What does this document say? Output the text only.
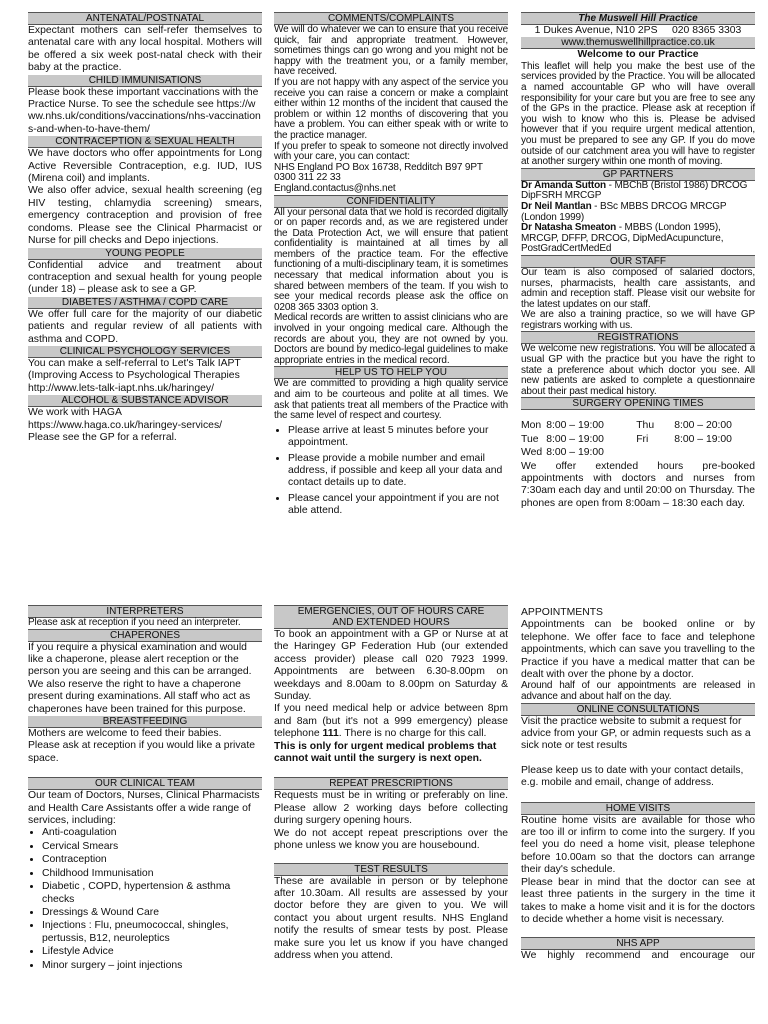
ANTENATAL/POSTNATAL

Expectant mothers can self-refer themselves to antenatal care with any local hospital. Mothers will be offered a six week post-natal check with their baby at the practice.

CHILD IMMUNISATIONS

Please book these important vaccinations with the Practice Nurse. To see the schedule see https://www.nhs.uk/conditions/vaccinations/nhs-vaccinations-and-when-to-have-them/

CONTRACEPTION & SEXUAL HEALTH

We have doctors who offer appointments for Long Active Reversible Contraception, e.g. IUD, IUS (Mirena coil) and implants.

We also offer advice, sexual health screening (eg HIV testing, chlamydia screening) smears, emergency contraception and provision of free condoms. Please see the Clinical Pharmacist or Nurse for pill checks and Depo injections.

YOUNG PEOPLE

Confidential advice and treatment about contraception and sexual health for young people (under 18) – please ask to see a GP.

DIABETES / ASTHMA / COPD CARE

We offer full care for the majority of our diabetic patients and regular review of all patients with asthma and COPD.

CLINICAL PSYCHOLOGY SERVICES

You can make a self-referral to Let's Talk IAPT (Improving Access to Psychological Therapies http://www.lets-talk-iapt.nhs.uk/haringey/

ALCOHOL & SUBSTANCE ADVISOR

We work with HAGA https://www.haga.co.uk/haringey-services/

Please see the GP for a referral.

COMMENTS/COMPLAINTS

We will do whatever we can to ensure that you receive quick, fair and appropriate treatment. However, sometimes things can go wrong and you might not be happy with the treatment you, or a family member, have received.

If you are not happy with any aspect of the service you receive you can raise a concern or make a complaint either within 12 months of the incident that caused the problem or within 12 months of discovering that you have a problem. You can either speak with or write to the practice manager.

If you prefer to speak to someone not directly involved with your care, you can contact:

NHS England PO Box 16738, Redditch B97 9PT

0300 311 22 33

England.contactus@nhs.net

CONFIDENTIALITY

All your personal data that we hold is recorded digitally or on paper records and, as we are registered under the Data Protection Act, we will ensure that patient confidentiality is maintained at all times by all members of the practice team. For the effective functioning of a multi-disciplinary team, it is sometimes necessary that medical information about you is shared between members of the team. If you wish to see your medical records please ask the office on 0208 365 3303 option 3.

Medical records are written to assist clinicians who are involved in your ongoing medical care. Although the records are about you, they are not owned by you. Doctors are bound by medico-legal guidelines to make appropriate entries in the medical record.

HELP US TO HELP YOU

We are committed to providing a high quality service and aim to be courteous and polite at all times. We ask that patients treat all members of the Practice with the same level of respect and courtesy.

• Please arrive at least 5 minutes before your appointment.
• Please provide a mobile number and email address, if possible and keep all your data and contact details up to date.
• Please cancel your appointment if you are not able attend.
The Muswell Hill Practice
1 Dukes Avenue, N10 2PS 020 8365 3303
www.themuswellhillpractice.co.uk
Welcome to our Practice

This leaflet will help you make the best use of the services provided by the Practice. You will be allocated a named accountable GP who will have overall responsibility for your care but you are free to see any of the GPs in the practice. Please ask at reception if you wish to know who this is. Please be advised however that if you require urgent medical attention, you must be prepared to see any GP. If you do move outside of our catchment area you will have to register at another surgery within one month of moving.

GP PARTNERS

Dr Amanda Sutton - MBChB (Bristol 1986) DRCOG DipFSRH MRCGP

Dr Neil Mantlan - BSc MBBS DRCOG MRCGP (London 1999)

Dr Natasha Smeaton - MBBS (London 1995), MRCGP, DFFP, DRCOG, DipMedAcupuncture, PostGradCertMedEd

OUR STAFF

Our team is also composed of salaried doctors, nurses, pharmacists, health care assistants, and admin and reception staff. Please visit our website for the latest updates on our staff.

We are also a training practice, so we will have GP registrars working with us.

REGISTRATIONS

We welcome new registrations. You will be allocated a usual GP with the practice but you have the right to state a preference about which doctor you see. All new patients are asked to complete a questionnaire about their past medical history.

SURGERY OPENING TIMES
Mon	8:00 – 19:00	Thu	8:00 – 20:00
Tue	8:00 – 19:00	Fri	8:00 – 19:00
Wed	8:00 – 19:00		

We offer extended hours pre-booked appointments with doctors and nurses from 7:30am each day and until 20:00 on Thursday. The phones are open from 8:00am – 18:30 each day.

INTERPRETERS

Please ask at reception if you need an interpreter.

CHAPERONES

If you require a physical examination and would like a chaperone, please alert reception or the person you are seeing and this can be arranged.

We also reserve the right to have a chaperone present during examinations. All staff who act as chaperones have been trained for this purpose.

BREASTFEEDING

Mothers are welcome to feed their babies.

Please ask at reception if you would like a private space.

OUR CLINICAL TEAM

Our team of Doctors, Nurses, Clinical Pharmacists and Health Care Assistants offer a wide range of services, including:

• Anti-coagulation
• Cervical Smears
• Contraception
• Childhood Immunisation
• Diabetic , COPD, hypertension & asthma checks
• Dressings & Wound Care
• Injections : Flu, pneumococcal, shingles, pertussis, B12, neuroleptics
• Lifestyle Advice
• Minor surgery – joint injections
EMERGENCIES, OUT OF HOURS CARE AND EXTENDED HOURS

To book an appointment with a GP or Nurse at at the Haringey GP Federation Hub (our extended access provider) please call 020 7923 1999. Appointments are between 6.30-8.00pm on weekdays and 8.00am to 8.00pm on Saturday & Sunday.

If you need medical help or advice between 8pm and 8am (but it's not a 999 emergency) please telephone 111. There is no charge for this call.

This is only for urgent medical problems that cannot wait until the surgery is next open.

REPEAT PRESCRIPTIONS

Requests must be in writing or preferably on line. Please allow 2 working days before collecting during surgery opening hours.

We do not accept repeat prescriptions over the phone unless we know you are housebound.

TEST RESULTS

These are available in person or by telephone after 10.30am. All results are assessed by your doctor before they are given to you. We will contact you about urgent results. NHS England notify the results of smear tests by post. Please make sure you let us know if you have changed address when you attend.

APPOINTMENTS

Appointments can be booked online or by telephone. We offer face to face and telephone appointments, which can save you travelling to the Practice if you have a medical matter that can be dealt with over the phone by a doctor.

Around half of our appointments are released in advance and about half on the day.

ONLINE CONSULTATIONS

Visit the practice website to submit a request for advice from your GP, or admin requests such as a sick note or test results

Please keep us to date with your contact details, e.g. mobile and email, change of address.

HOME VISITS

Routine home visits are available for those who are too ill or infirm to come into the surgery. If you feel you do need a home visit, please telephone before 10.00am so that the doctors can arrange their day's schedule.

Please bear in mind that the doctor can see at least three patients in the surgery in the time it takes to make a home visit and it is for the doctors to decide whether a home visit is necessary.

NHS APP

We highly recommend and encourage our
